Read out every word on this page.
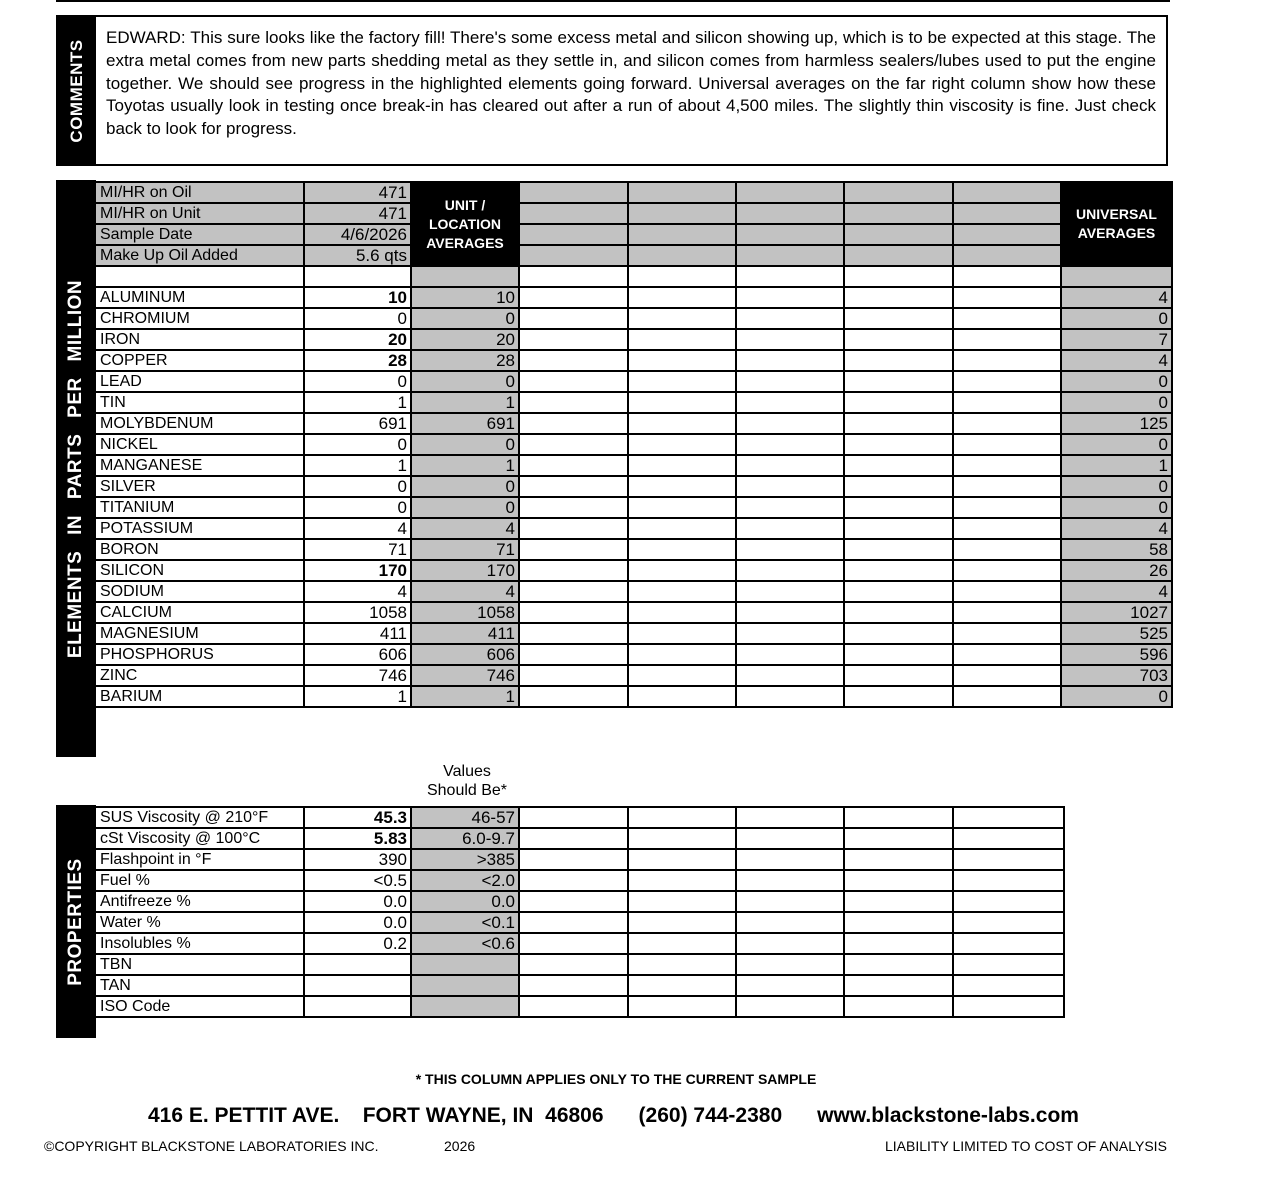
COMMENTS
EDWARD: This sure looks like the factory fill! There's some excess metal and silicon showing up, which is to be expected at this stage. The extra metal comes from new parts shedding metal as they settle in, and silicon comes from harmless sealers/lubes used to put the engine together. We should see progress in the highlighted elements going forward. Universal averages on the far right column show how these Toyotas usually look in testing once break-in has cleared out after a run of about 4,500 miles. The slightly thin viscosity is fine. Just check back to look for progress.
ELEMENTS IN PARTS PER MILLION
MI/HR on Oil	471	UNIT / LOCATION AVERAGES						UNIVERSAL AVERAGES
MI/HR on Unit	471							
Sample Date	4/6/2026							
Make Up Oil Added	5.6 qts							

ALUMINUM	10	10						4
CHROMIUM	0	0						0
IRON	20	20						7
COPPER	28	28						4
LEAD	0	0						0
TIN	1	1						0
MOLYBDENUM	691	691						125
NICKEL	0	0						0
MANGANESE	1	1						1
SILVER	0	0						0
TITANIUM	0	0						0
POTASSIUM	4	4						4
BORON	71	71						58
SILICON	170	170						26
SODIUM	4	4						4
CALCIUM	1058	1058						1027
MAGNESIUM	411	411						525
PHOSPHORUS	606	606						596
ZINC	746	746						703
BARIUM	1	1						0
Values
Should Be*
PROPERTIES
SUS Viscosity @ 210°F	45.3	46-57					
cSt Viscosity @ 100°C	5.83	6.0-9.7					
Flashpoint in °F	390	>385					
Fuel %	<0.5	<2.0					
Antifreeze %	0.0	0.0					
Water %	0.0	<0.1					
Insolubles %	0.2	<0.6					
TBN							
TAN							
ISO Code							
* THIS COLUMN APPLIES ONLY TO THE CURRENT SAMPLE
416 E. PETTIT AVE.    FORT WAYNE, IN  46806      (260) 744-2380      www.blackstone-labs.com
©COPYRIGHT BLACKSTONE LABORATORIES INC.	2026	LIABILITY LIMITED TO COST OF ANALYSIS
